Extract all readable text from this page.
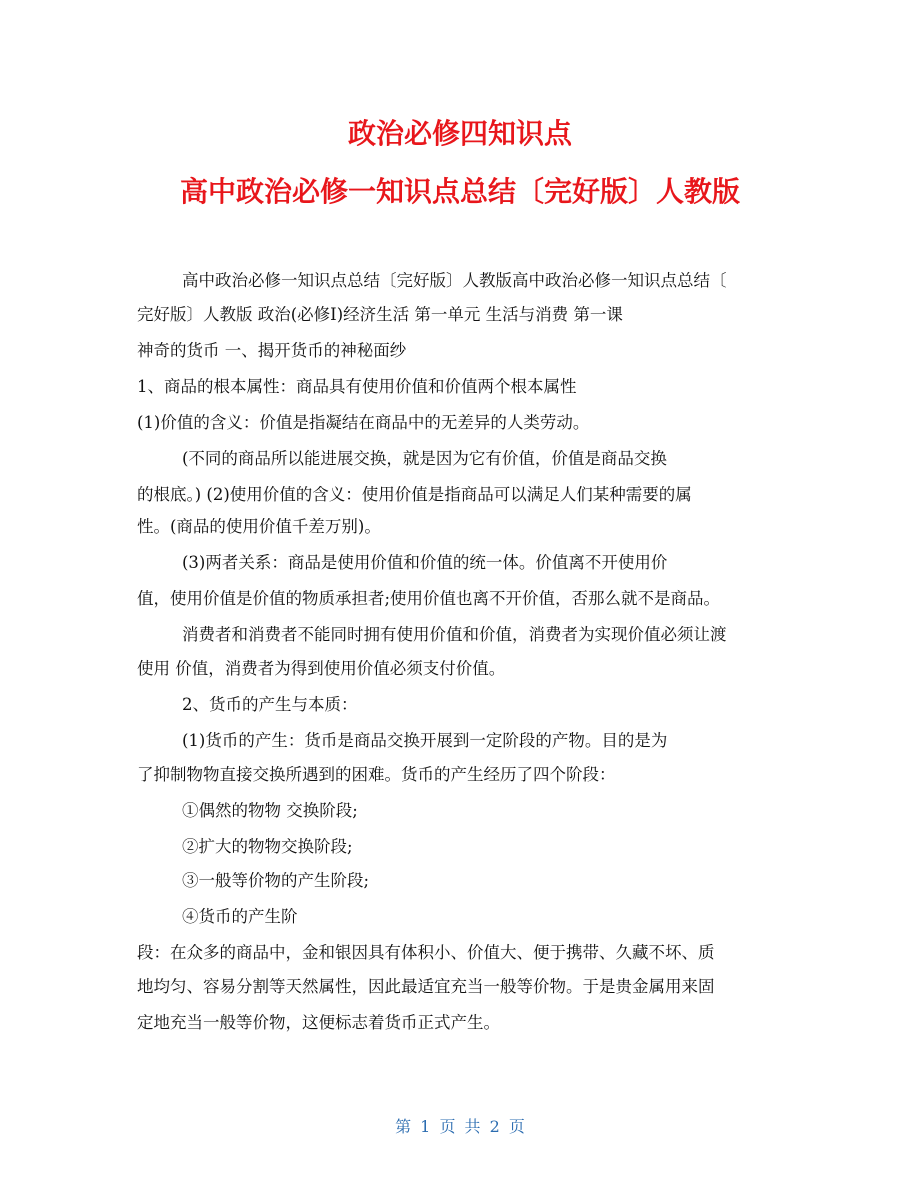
政治必修四知识点
高中政治必修一知识点总结〔完好版〕人教版
高中政治必修一知识点总结〔完好版〕人教版高中政治必修一知识点总结〔
完好版〕人教版 政治(必修Ⅰ)经济生活 第一单元 生活与消费 第一课
神奇的货币 一、揭开货币的神秘面纱
1、商品的根本属性：商品具有使用价值和价值两个根本属性
(1)价值的含义：价值是指凝结在商品中的无差异的人类劳动。
(不同的商品所以能进展交换，就是因为它有价值，价值是商品交换
的根底。) (2)使用价值的含义：使用价值是指商品可以满足人们某种需要的属
性。(商品的使用价值千差万别)。
(3)两者关系：商品是使用价值和价值的统一体。价值离不开使用价
值，使用价值是价值的物质承担者;使用价值也离不开价值，否那么就不是商品。
消费者和消费者不能同时拥有使用价值和价值，消费者为实现价值必须让渡
使用 价值，消费者为得到使用价值必须支付价值。
2、货币的产生与本质：
(1)货币的产生：货币是商品交换开展到一定阶段的产物。目的是为
了抑制物物直接交换所遇到的困难。货币的产生经历了四个阶段：
①偶然的物物 交换阶段;
②扩大的物物交换阶段;
③一般等价物的产生阶段;
④货币的产生阶
段：在众多的商品中，金和银因具有体积小、价值大、便于携带、久藏不坏、质
地均匀、容易分割等天然属性，因此最适宜充当一般等价物。于是贵金属用来固
定地充当一般等价物，这便标志着货币正式产生。
第 1 页 共 2 页
